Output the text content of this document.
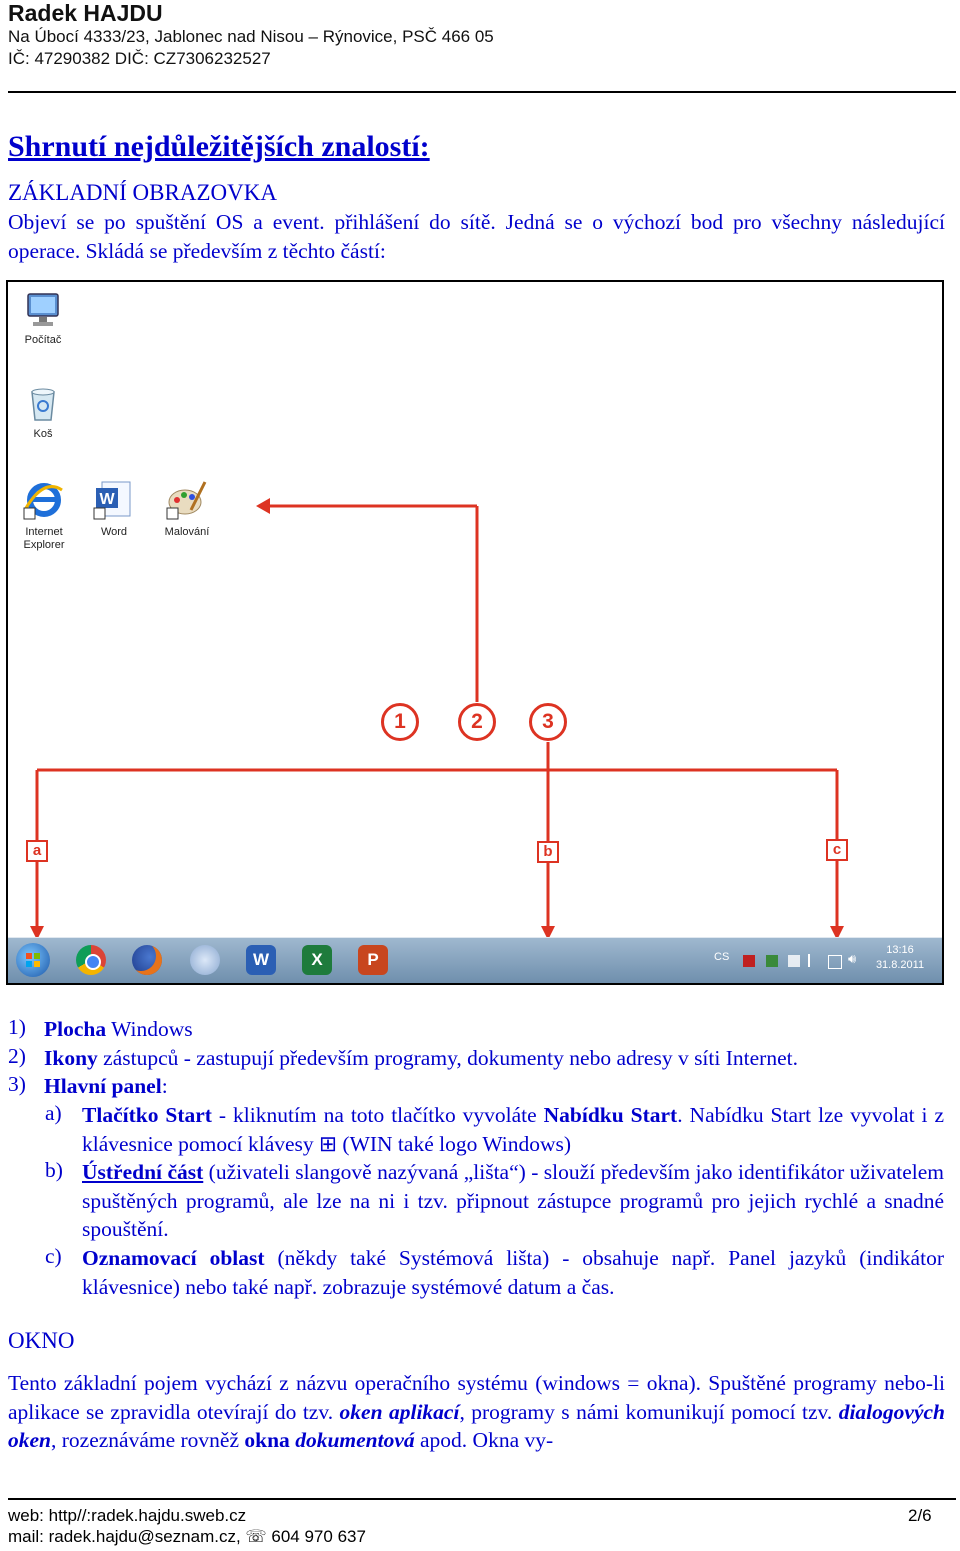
Radek HAJDU
Na Úbocí 4333/23, Jablonec nad Nisou – Rýnovice, PSČ 466 05
IČ: 47290382 DIČ: CZ7306232527
Shrnutí nejdůležitějších znalostí:
ZÁKLADNÍ OBRAZOVKA
Objeví se po spuštění OS a event. přihlášení do sítě. Jedná se o výchozí bod pro všechny následující operace. Skládá se především z těchto částí:
Počítač
Koš
Internet Explorer
W
Word	Malování
1	2	3
a	b	c
W	X	P	CS	🔊︎
13:16
31.8.2011
1) Plocha Windows
2) Ikony zástupců - zastupují především programy, dokumenty nebo adresy v síti Internet.
3) Hlavní panel:
a) Tlačítko Start - kliknutím na toto tlačítko vyvoláte Nabídku Start. Nabídku Start lze vyvolat i z klávesnice pomocí klávesy ⊞ (WIN také logo Windows)
b) Ústřední část (uživateli slangově nazývaná „lišta“) - slouží především jako identifikátor uživatelem spuštěných programů, ale lze na ni i tzv. připnout zástupce programů pro jejich rychlé a snadné spouštění.
c) Oznamovací oblast (někdy také Systémová lišta) - obsahuje např. Panel jazyků (indikátor klávesnice) nebo také např. zobrazuje systémové datum a čas.
OKNO
Tento základní pojem vychází z názvu operačního systému (windows = okna). Spuštěné programy nebo-li aplikace se zpravidla otevírají do tzv. oken aplikací, programy s námi komunikují pomocí tzv. dialogových oken, rozeznáváme rovněž okna dokumentová apod. Okna vy-
web: http//:radek.hajdu.sweb.cz	2/6
mail: radek.hajdu@seznam.cz, ☏ 604 970 637
